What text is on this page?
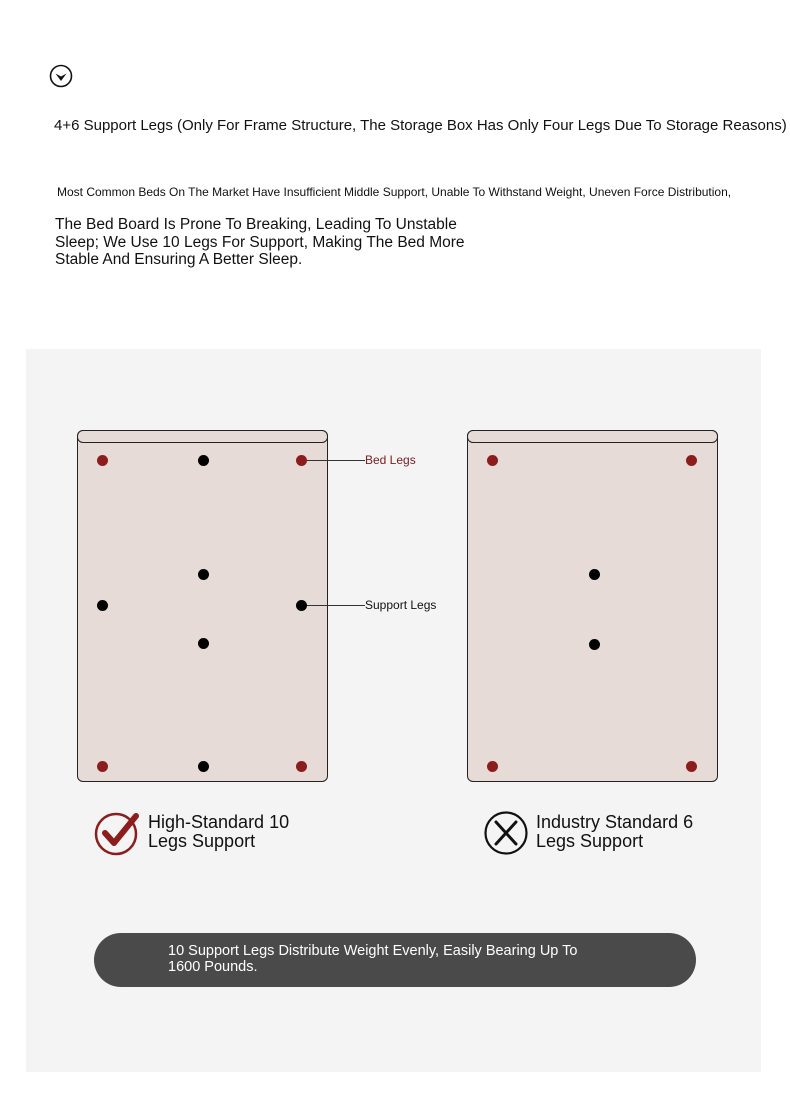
4+6 Support Legs (Only For Frame Structure, The Storage Box Has Only Four Legs Due To Storage Reasons)
Most Common Beds On The Market Have Insufficient Middle Support, Unable To Withstand Weight, Uneven Force Distribution,
The Bed Board Is Prone To Breaking, Leading To Unstable Sleep; We Use 10 Legs For Support, Making The Bed More Stable And Ensuring A Better Sleep.
Bed Legs
Support Legs
High-Standard 10 Legs Support
Industry Standard 6 Legs Support
10 Support Legs Distribute Weight Evenly, Easily Bearing Up To 1600 Pounds.
